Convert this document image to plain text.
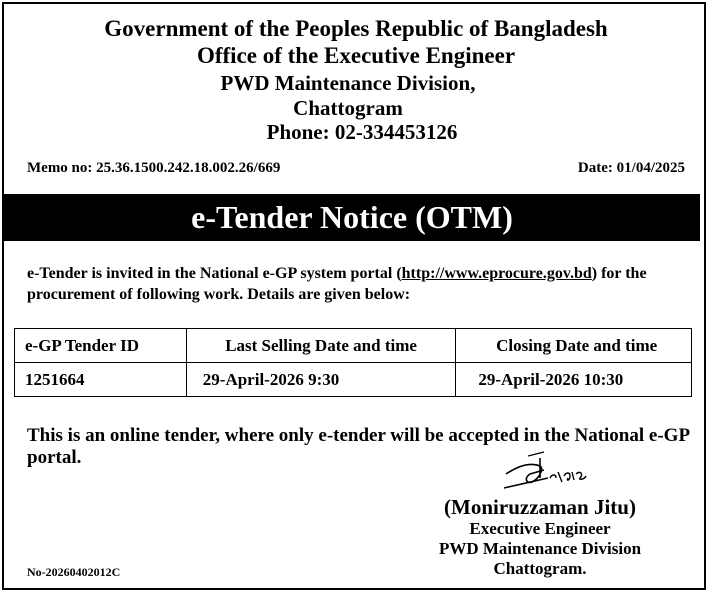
Government of the Peoples Republic of Bangladesh
Office of the Executive Engineer
PWD Maintenance Division,
Chattogram
Phone: 02-334453126
Memo no: 25.36.1500.242.18.002.26/669	Date: 01/04/2025
e-Tender Notice (OTM)
e-Tender is invited in the National e-GP system portal (http://www.eprocure.gov.bd) for the procurement of following work. Details are given below:
e-GP Tender ID	Last Selling Date and time	Closing Date and time
1251664	29-April-2026 9:30	29-April-2026 10:30
This is an online tender, where only e-tender will be accepted in the National e-GP portal.
(Moniruzzaman Jitu)
Executive Engineer
PWD Maintenance Division
Chattogram.
No-20260402012C
